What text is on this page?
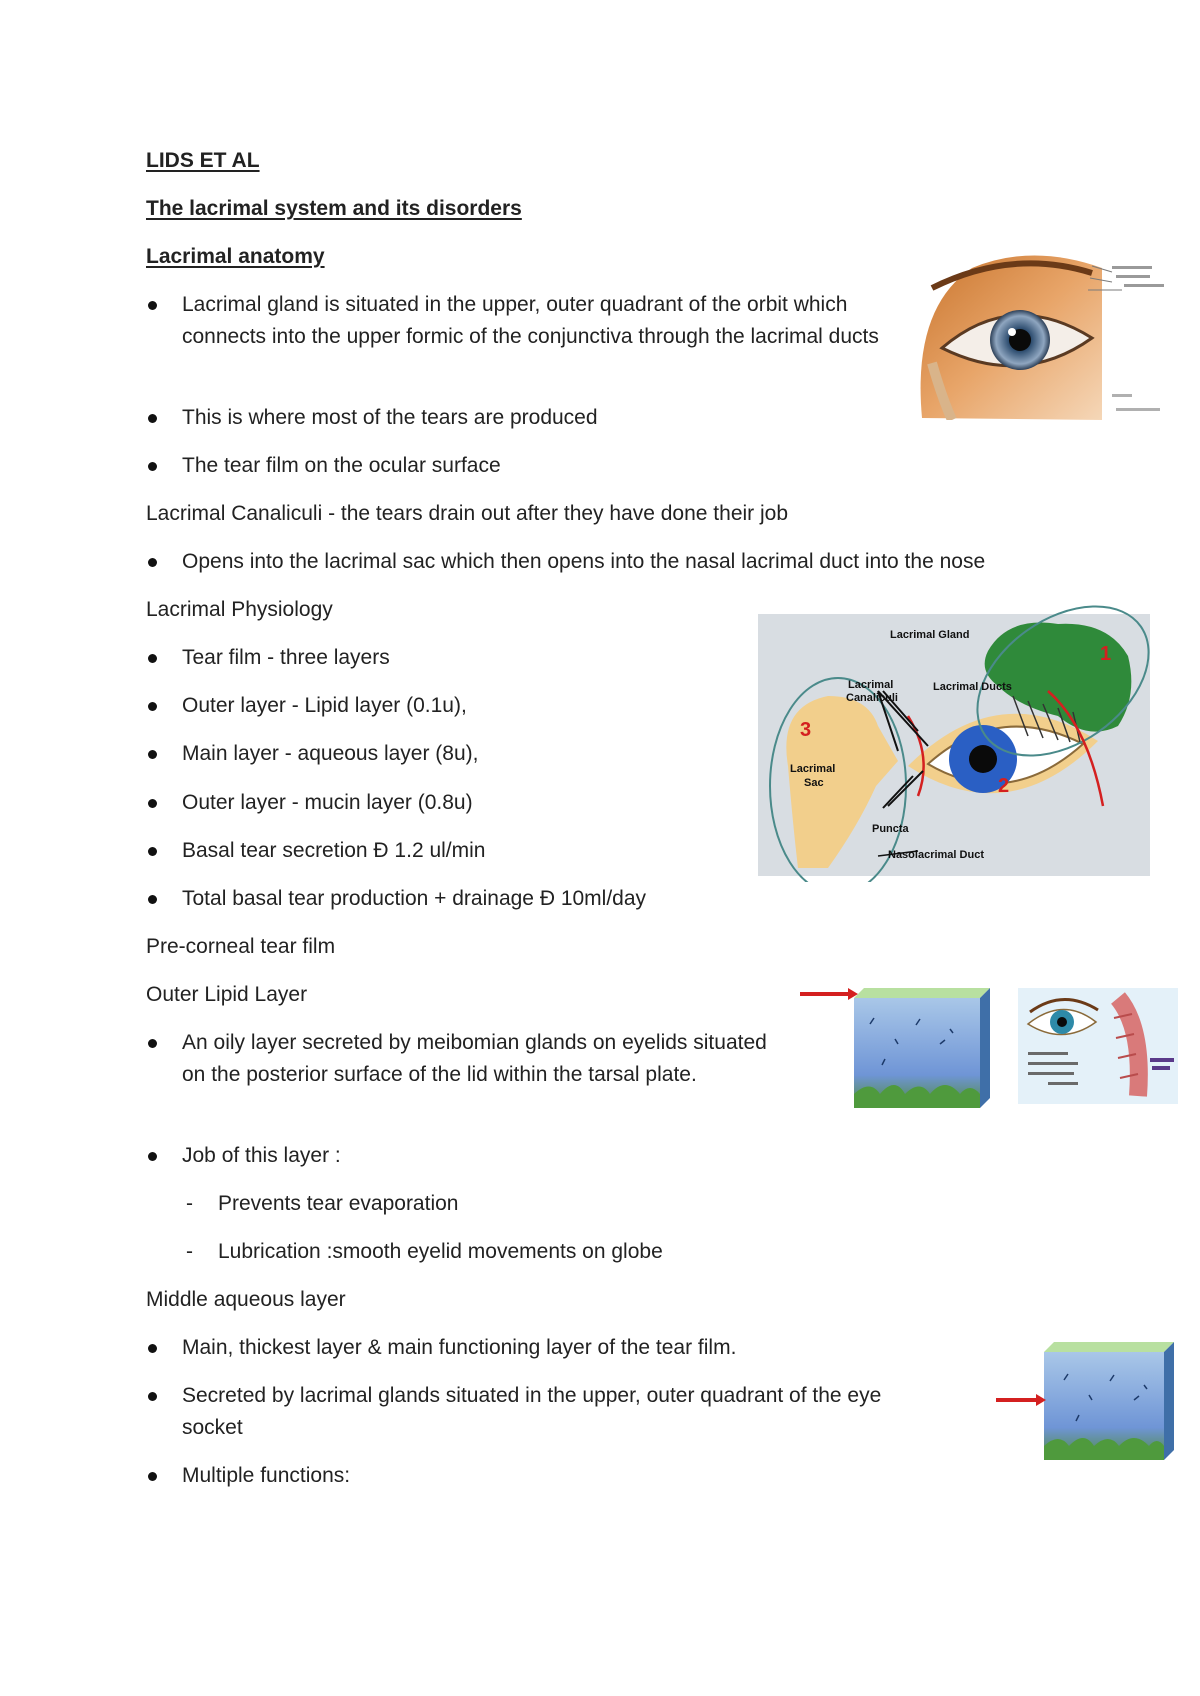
LIDS ET AL
The lacrimal system and its disorders
Lacrimal anatomy
Lacrimal gland is situated in the upper, outer quadrant of the orbit which connects into the upper formic of the conjunctiva through the lacrimal ducts
This is where most of the tears are produced
The tear film on the ocular surface
Lacrimal Canaliculi - the tears drain out after they have done their job
Opens into the lacrimal sac which then opens into the nasal lacrimal duct into the nose
Lacrimal Physiology
Tear film - three layers
Outer layer - Lipid layer (0.1u),
Main layer - aqueous layer (8u),
Outer layer - mucin layer (0.8u)
Basal tear secretion Ð 1.2 ul/min
Total basal tear production + drainage Ð 10ml/day
Pre-corneal tear film
Outer Lipid Layer
An oily layer secreted by meibomian glands on eyelids situated on the posterior surface of the lid within the tarsal plate.
Job of this layer :
- Prevents tear evaporation
- Lubrication :smooth eyelid movements on globe
Middle aqueous layer
Main, thickest layer & main functioning layer of the tear film.
Secreted by lacrimal glands situated in the upper, outer quadrant of the eye socket
Multiple functions:
Lacrimal Gland
Lacrimal Ducts
Lacrimal
Canaliculi
Lacrimal
Sac
Puncta
Nasolacrimal Duct
1
2
3
